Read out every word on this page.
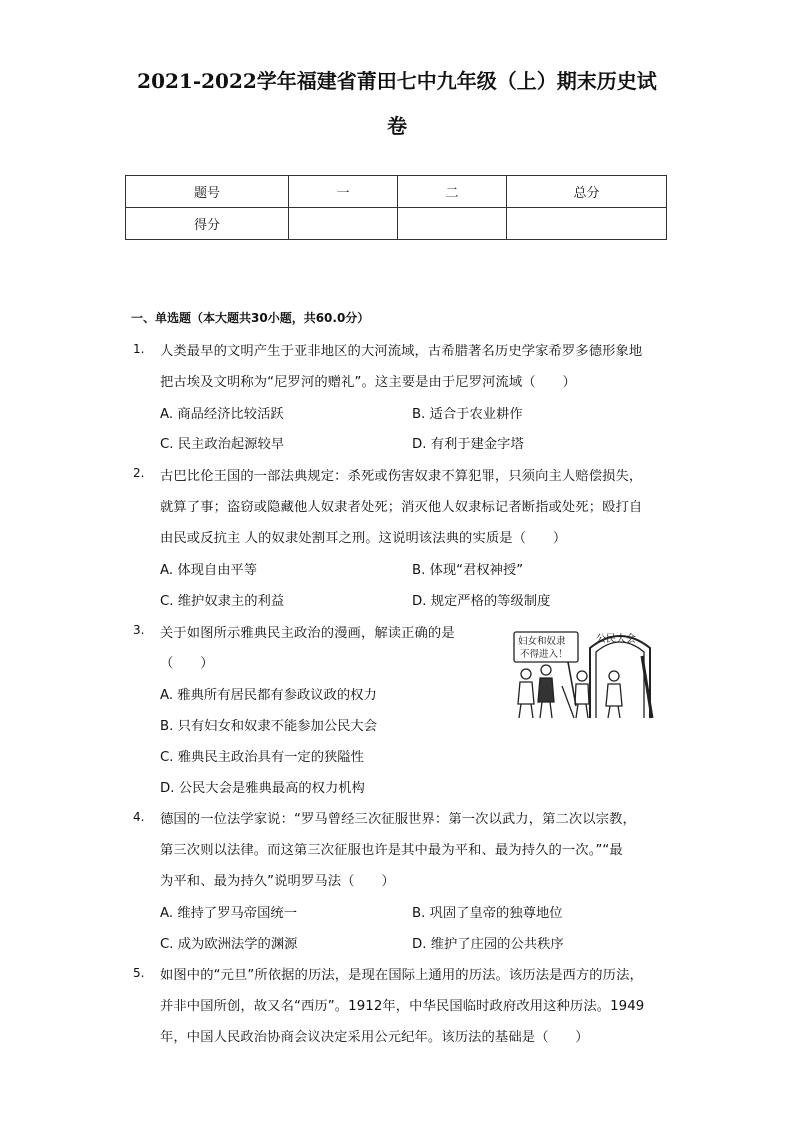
2021-2022学年福建省莆田七中九年级（上）期末历史试
卷
题号	一	二	总分
得分			
一、单选题（本大题共30小题，共60.0分）
1. 人类最早的文明产生于亚非地区的大河流域，古希腊著名历史学家希罗多德形象地
把古埃及文明称为“尼罗河的赠礼”。这主要是由于尼罗河流域（　　）
A. 商品经济比较活跃	B. 适合于农业耕作
C. 民主政治起源较早	D. 有利于建金字塔
2. 古巴比伦王国的一部法典规定：杀死或伤害奴隶不算犯罪，只须向主人赔偿损失，
就算了事；盗窃或隐藏他人奴隶者处死；消灭他人奴隶标记者断指或处死；殴打自
由民或反抗主 人的奴隶处割耳之刑。这说明该法典的实质是（　　）
A. 体现自由平等	B. 体现“君权神授”
C. 维护奴隶主的利益	D. 规定严格的等级制度
3. 关于如图所示雅典民主政治的漫画，解读正确的是
（　　）
A. 雅典所有居民都有参政议政的权力
B. 只有妇女和奴隶不能参加公民大会
C. 雅典民主政治具有一定的狭隘性
D. 公民大会是雅典最高的权力机构
妇女和奴隶
不得进入！
公民大会
4. 德国的一位法学家说：“罗马曾经三次征服世界：第一次以武力，第二次以宗教，
第三次则以法律。而这第三次征服也许是其中最为平和、最为持久的一次。”“最
为平和、最为持久”说明罗马法（　　）
A. 维持了罗马帝国统一	B. 巩固了皇帝的独尊地位
C. 成为欧洲法学的渊源	D. 维护了庄园的公共秩序
5. 如图中的“元旦”所依据的历法，是现在国际上通用的历法。该历法是西方的历法，
并非中国所创，故又名“西历”。1912年，中华民国临时政府改用这种历法。1949
年，中国人民政治协商会议决定采用公元纪年。该历法的基础是（　　）
